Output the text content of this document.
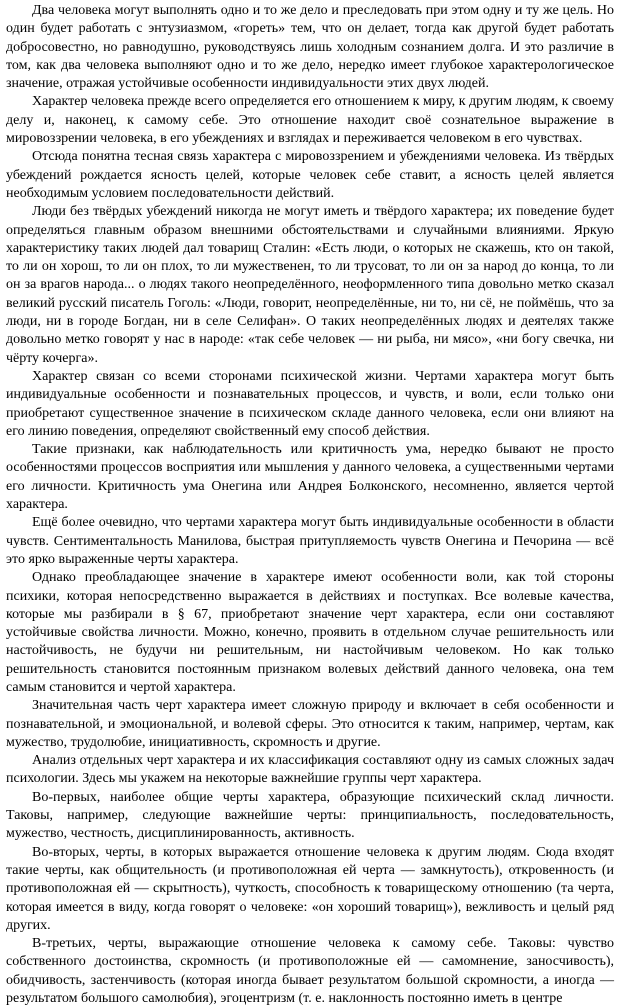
Два человека могут выполнять одно и то же дело и преследовать при этом одну и ту же цель. Но один будет работать с энтузиазмом, «гореть» тем, что он делает, тогда как другой будет работать добросовестно, но равнодушно, руководствуясь лишь холодным сознанием долга. И это различие в том, как два человека выполняют одно и то же дело, нередко имеет глубокое характерологическое значение, отражая устойчивые особенности индивидуальности этих двух людей.

Характер человека прежде всего определяется его отношением к миру, к другим людям, к своему делу и, наконец, к самому себе. Это отношение находит своё сознательное выражение в мировоззрении человека, в его убеждениях и взглядах и переживается человеком в его чувствах.

Отсюда понятна тесная связь характера с мировоззрением и убеждениями человека. Из твёрдых убеждений рождается ясность целей, которые человек себе ставит, а ясность целей является необходимым условием последовательности действий.

Люди без твёрдых убеждений никогда не могут иметь и твёрдого характера; их поведение будет определяться главным образом внешними обстоятельствами и случайными влияниями. Яркую характеристику таких людей дал товарищ Сталин: «Есть люди, о которых не скажешь, кто он такой, то ли он хорош, то ли он плох, то ли мужественен, то ли трусоват, то ли он за народ до конца, то ли он за врагов народа... о людях такого неопределённого, неоформленного типа довольно метко сказал великий русский писатель Гоголь: «Люди, говорит, неопределённые, ни то, ни сё, не поймёшь, что за люди, ни в городе Богдан, ни в селе Селифан». О таких неопределённых людях и деятелях также довольно метко говорят у нас в народе: «так себе человек — ни рыба, ни мясо», «ни богу свечка, ни чёрту кочерга».

Характер связан со всеми сторонами психической жизни. Чертами характера могут быть индивидуальные особенности и познавательных процессов, и чувств, и воли, если только они приобретают существенное значение в психическом складе данного человека, если они влияют на его линию поведения, определяют свойственный ему способ действия.

Такие признаки, как наблюдательность или критичность ума, нередко бывают не просто особенностями процессов восприятия или мышления у данного человека, а существенными чертами его личности. Критичность ума Онегина или Андрея Болконского, несомненно, является чертой характера.

Ещё более очевидно, что чертами характера могут быть индивидуальные особенности в области чувств. Сентиментальность Манилова, быстрая притупляемость чувств Онегина и Печорина — всё это ярко выраженные черты характера.

Однако преобладающее значение в характере имеют особенности воли, как той стороны психики, которая непосредственно выражается в действиях и поступках. Все волевые качества, которые мы разбирали в § 67, приобретают значение черт характера, если они составляют устойчивые свойства личности. Можно, конечно, проявить в отдельном случае решительность или настойчивость, не будучи ни решительным, ни настойчивым человеком. Но как только решительность становится постоянным признаком волевых действий данного человека, она тем самым становится и чертой характера.

Значительная часть черт характера имеет сложную природу и включает в себя особенности и познавательной, и эмоциональной, и волевой сферы. Это относится к таким, например, чертам, как мужество, трудолюбие, инициативность, скромность и другие.

Анализ отдельных черт характера и их классификация составляют одну из самых сложных задач психологии. Здесь мы укажем на некоторые важнейшие группы черт характера.

Во-первых, наиболее общие черты характера, образующие психический склад личности. Таковы, например, следующие важнейшие черты: принципиальность, последовательность, мужество, честность, дисциплинированность, активность.

Во-вторых, черты, в которых выражается отношение человека к другим людям. Сюда входят такие черты, как общительность (и противоположная ей черта — замкнутость), откровенность (и противоположная ей — скрытность), чуткость, способность к товарищескому отношению (та черта, которая имеется в виду, когда говорят о человеке: «он хороший товарищ»), вежливость и целый ряд других.

В-третьих, черты, выражающие отношение человека к самому себе. Таковы: чувство собственного достоинства, скромность (и противоположные ей — самомнение, заносчивость), обидчивость, застенчивость (которая иногда бывает результатом большой скромности, а иногда — результатом большого самолюбия), эгоцентризм (т. е. наклонность постоянно иметь в центре
